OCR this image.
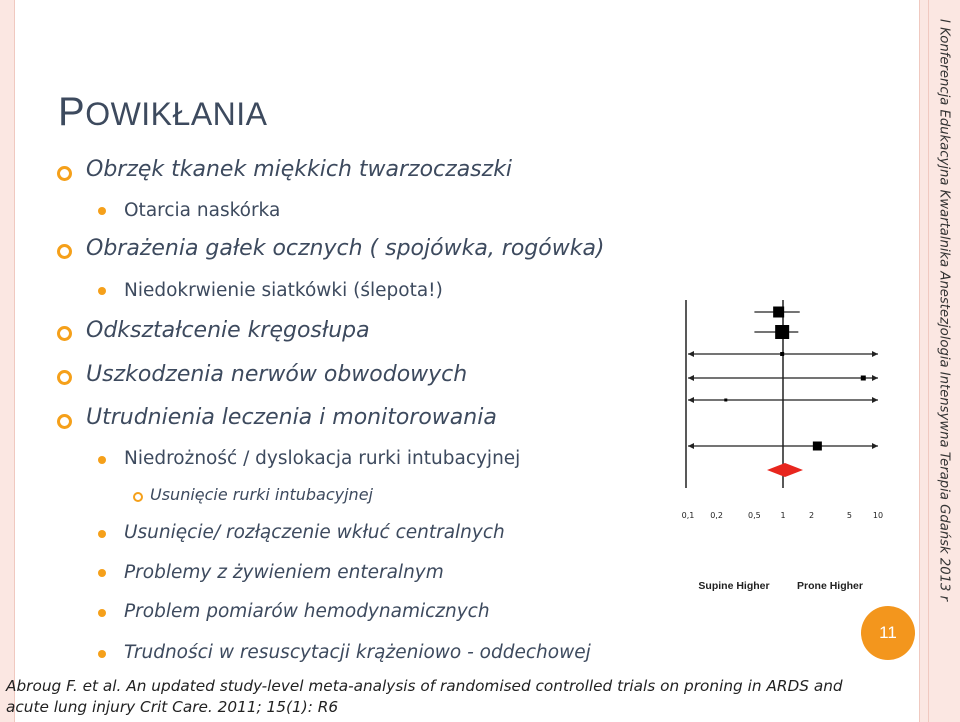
I Konferencja Edukacyjna Kwartalnika Anestezjologia Intensywna Terapia Gdańsk 2013 r
POWIKŁANIA
Obrzęk tkanek miękkich twarzoczaszki
Otarcia naskórka
Obrażenia gałek ocznych ( spojówka, rogówka)
Niedokrwienie siatkówki (ślepota!)
Odkształcenie kręgosłupa
Uszkodzenia nerwów obwodowych
Utrudnienia leczenia i monitorowania
Niedrożność / dyslokacja rurki intubacyjnej
Usunięcie rurki intubacyjnej
Usunięcie/ rozłączenie wkłuć centralnych
Problemy z żywieniem enteralnym
Problem pomiarów hemodynamicznych
Trudności w resuscytacji krążeniowo - oddechowej
0,1 0,2	0,5 1	2	5	10
Supine Higher	Prone Higher
11
Abroug F. et al. An updated study-level meta-analysis of randomised controlled trials on proning in ARDS and
acute lung injury Crit Care. 2011; 15(1): R6
